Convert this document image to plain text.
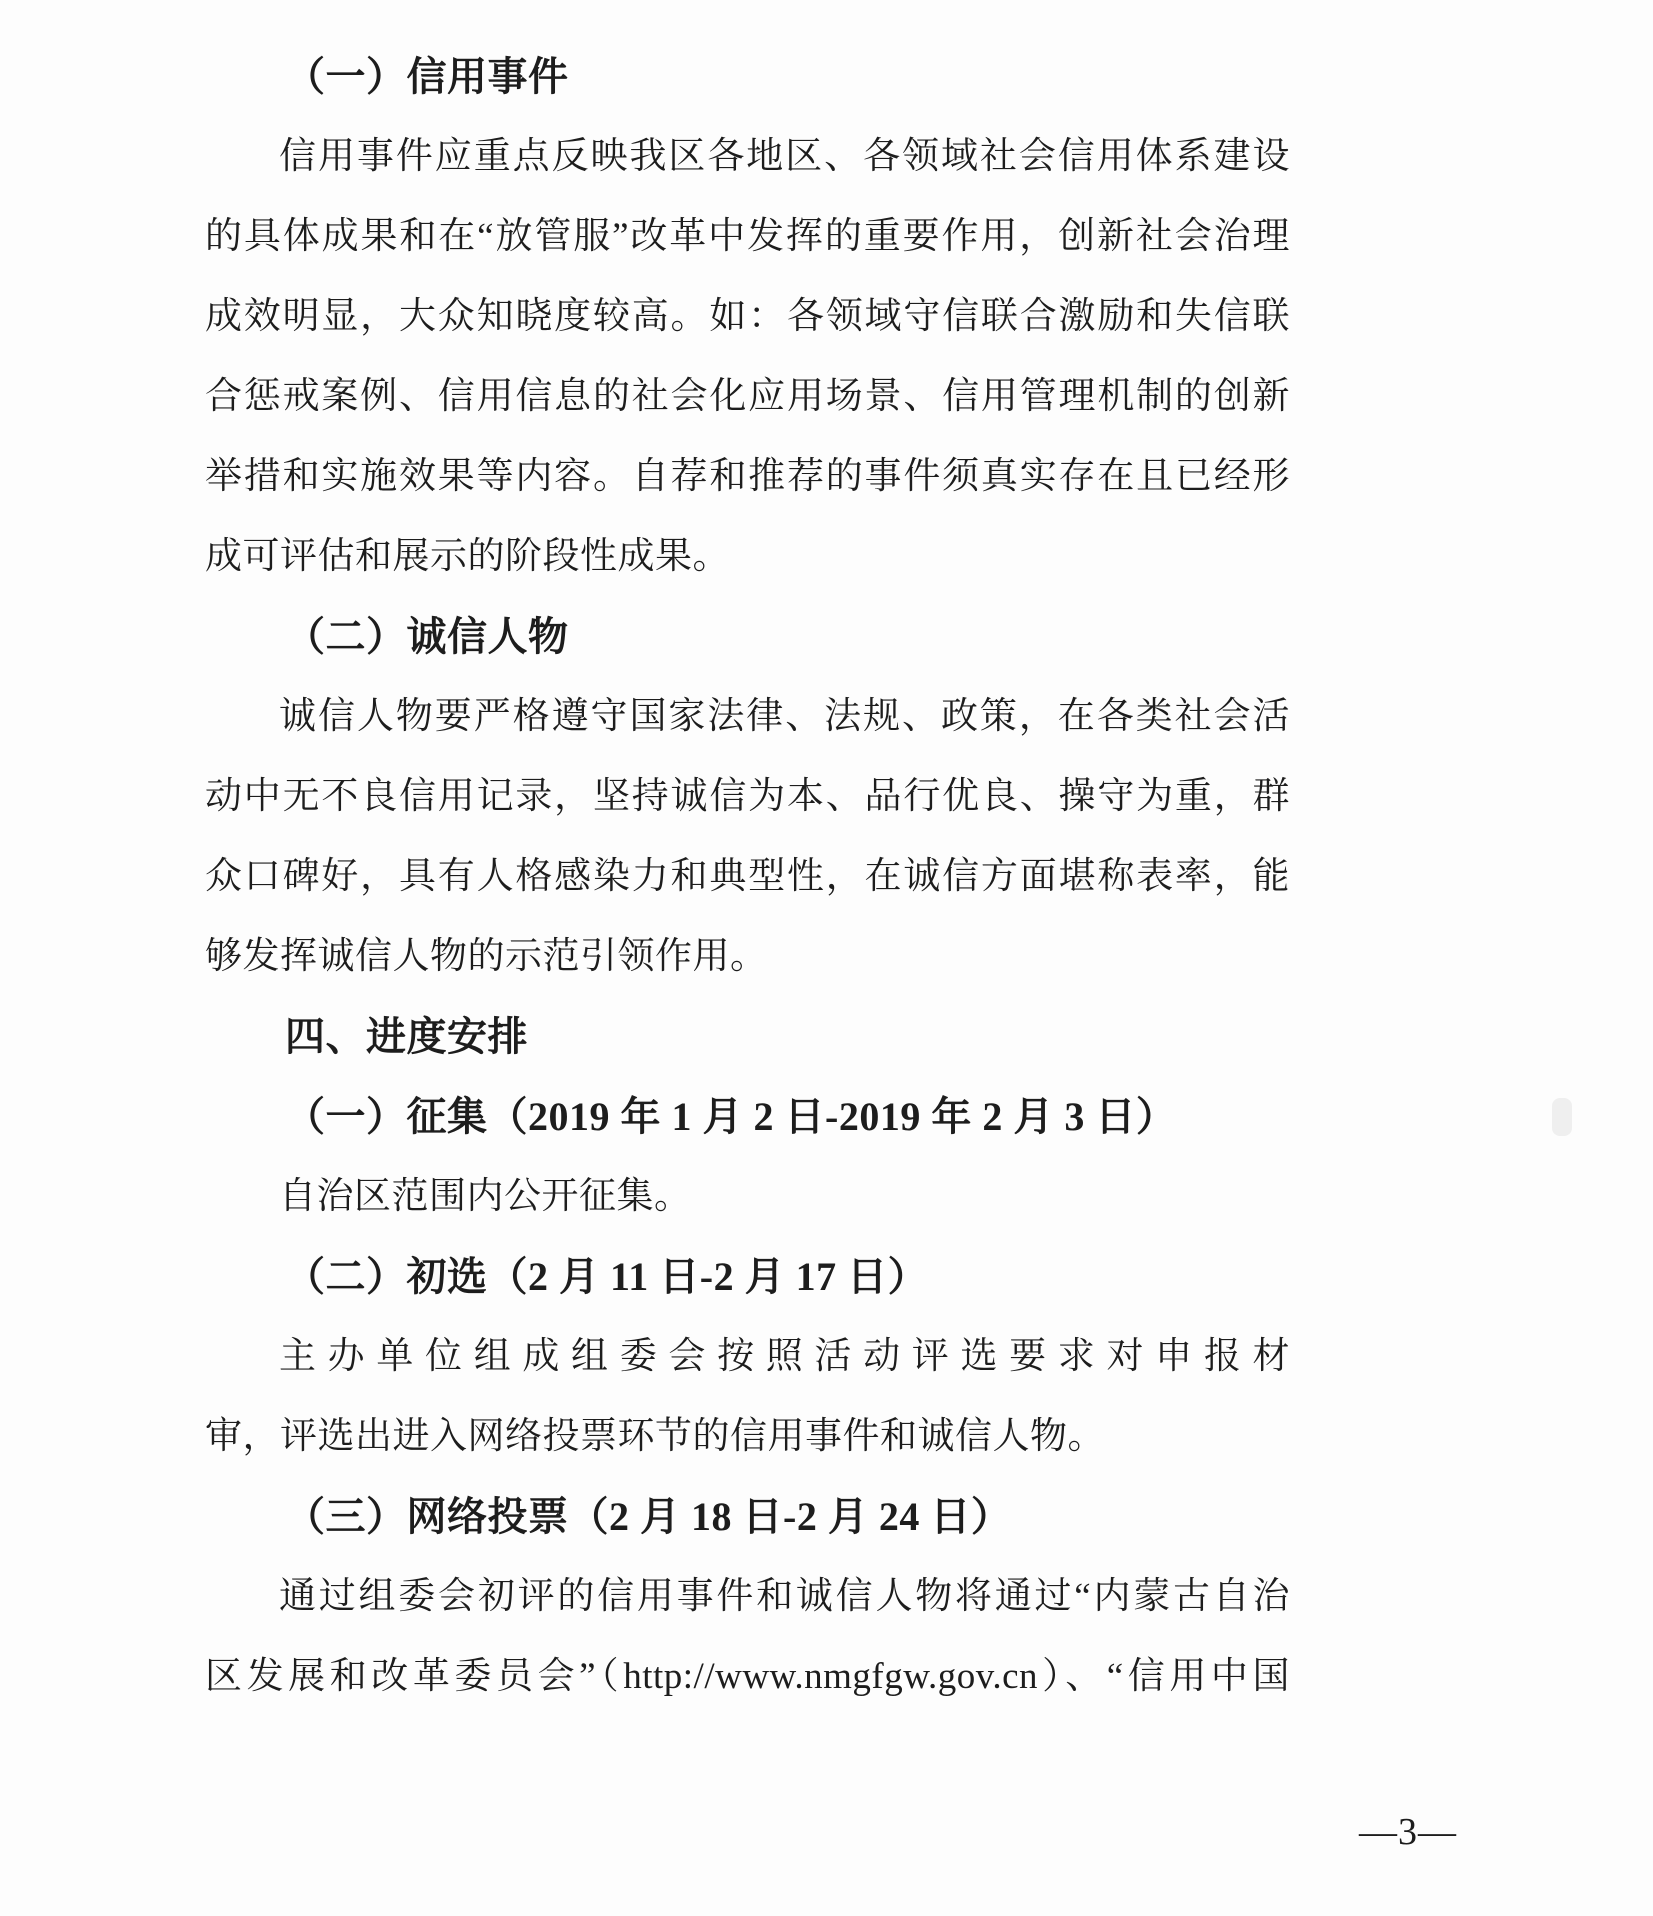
（一）信用事件
信用事件应重点反映我区各地区、各领域社会信用体系建设
的具体成果和在“放管服”改革中发挥的重要作用，创新社会治理
成效明显，大众知晓度较高。如：各领域守信联合激励和失信联
合惩戒案例、信用信息的社会化应用场景、信用管理机制的创新
举措和实施效果等内容。自荐和推荐的事件须真实存在且已经形
成可评估和展示的阶段性成果。
（二）诚信人物
诚信人物要严格遵守国家法律、法规、政策，在各类社会活
动中无不良信用记录，坚持诚信为本、品行优良、操守为重，群
众口碑好，具有人格感染力和典型性，在诚信方面堪称表率，能
够发挥诚信人物的示范引领作用。
四、进度安排
（一）征集（2019 年 1 月 2 日-2019 年 2 月 3 日）
自治区范围内公开征集。
（二）初选（2 月 11 日-2 月 17 日）
主办单位组成组委会按照活动评选要求对申报材
审，评选出进入网络投票环节的信用事件和诚信人物。
（三）网络投票（2 月 18 日-2 月 24 日）
通过组委会初评的信用事件和诚信人物将通过“内蒙古自治
区发展和改革委员会”（http://www.nmgfgw.gov.cn）、“信用中国
—3—
